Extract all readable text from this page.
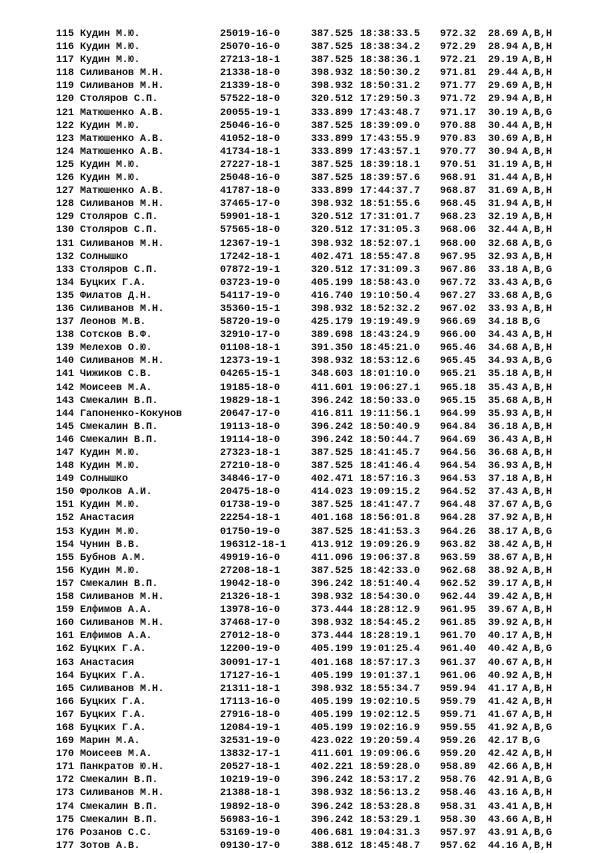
115 Кудин М.Ю.	25019-16-0	387.525 18:38:33.5 972.32	28.69 A,B,H
116 Кудин М.Ю.	25070-16-0	387.525 18:38:34.2 972.29	28.94 A,B,H
117 Кудин М.Ю.	27213-18-1	387.525 18:38:36.1 972.21	29.19 A,B,H
118 Силиванов М.Н.	21338-18-0	398.932 18:50:30.2 971.81	29.44 A,B,H
119 Силиванов М.Н.	21339-18-0	398.932 18:50:31.2 971.77	29.69 A,B,H
120 Столяров С.П.	57522-18-0	320.512 17:29:50.3 971.72	29.94 A,B,H
121 Матюшенко А.В.	20055-19-1	333.899 17:43:48.7 971.17	30.19 A,B,G
122 Кудин М.Ю.	25046-16-0	387.525 18:39:09.0 970.88	30.44 A,B,H
123 Матюшенко А.В.	41052-18-0	333.899 17:43:55.9 970.83	30.69 A,B,H
124 Матюшенко А.В.	41734-18-1	333.899 17:43:57.1 970.77	30.94 A,B,H
125 Кудин М.Ю.	27227-18-1	387.525 18:39:18.1 970.51	31.19 A,B,H
126 Кудин М.Ю.	25048-16-0	387.525 18:39:57.6 968.91	31.44 A,B,H
127 Матюшенко А.В.	41787-18-0	333.899 17:44:37.7 968.87	31.69 A,B,H
128 Силиванов М.Н.	37465-17-0	398.932 18:51:55.6 968.45	31.94 A,B,H
129 Столяров С.П.	59901-18-1	320.512 17:31:01.7 968.23	32.19 A,B,H
130 Столяров С.П.	57565-18-0	320.512 17:31:05.3 968.06	32.44 A,B,H
131 Силиванов М.Н.	12367-19-1	398.932 18:52:07.1 968.00	32.68 A,B,G
132 Солнышко	17242-18-1	402.471 18:55:47.8 967.95	32.93 A,B,H
133 Столяров С.П.	07872-19-1	320.512 17:31:09.3 967.86	33.18 A,B,G
134 Буцких Г.А.	03723-19-0	405.199 18:58:43.0 967.72	33.43 A,B,G
135 Филатов Д.Н.	54117-19-0	416.740 19:10:50.4 967.27	33.68 A,B,G
136 Силиванов М.Н.	35360-15-1	398.932 18:52:32.2 967.02	33.93 A,B,H
137 Леонов М.В.	58720-19-0	425.179 19:19:49.9 966.69	34.18 B,G
138 Сотсков В.Ф.	32910-17-0	389.698 18:43:24.9 966.00	34.43 A,B,H
139 Мелехов О.Ю.	01108-18-1	391.350 18:45:21.0 965.46	34.68 A,B,H
140 Силиванов М.Н.	12373-19-1	398.932 18:53:12.6 965.45	34.93 A,B,G
141 Чижиков С.В.	04265-15-1	348.603 18:01:10.0 965.21	35.18 A,B,H
142 Моисеев М.А.	19185-18-0	411.601 19:06:27.1 965.18	35.43 A,B,H
143 Смекалин В.П.	19829-18-1	396.242 18:50:33.0 965.15	35.68 A,B,H
144 Гапоненко-Кокунов	20647-17-0	416.811 19:11:56.1 964.99	35.93 A,B,H
145 Смекалин В.П.	19113-18-0	396.242 18:50:40.9 964.84	36.18 A,B,H
146 Смекалин В.П.	19114-18-0	396.242 18:50:44.7 964.69	36.43 A,B,H
147 Кудин М.Ю.	27323-18-1	387.525 18:41:45.7 964.56	36.68 A,B,H
148 Кудин М.Ю.	27210-18-0	387.525 18:41:46.4 964.54	36.93 A,B,H
149 Солнышко	34846-17-0	402.471 18:57:16.3 964.53	37.18 A,B,H
150 Фролков А.И.	20475-18-0	414.023 19:09:15.2 964.52	37.43 A,B,H
151 Кудин М.Ю.	01738-19-0	387.525 18:41:47.7 964.48	37.67 A,B,G
152 Анастасия	22254-18-1	401.168 18:56:01.8 964.28	37.92 A,B,H
153 Кудин М.Ю.	01750-19-0	387.525 18:41:53.3 964.26	38.17 A,B,G
154 Чунин В.В.	196312-18-1 413.912 19:09:26.9 963.82	38.42 A,B,H
155 Бубнов А.М.	49919-16-0	411.096 19:06:37.8 963.59	38.67 A,B,H
156 Кудин М.Ю.	27208-18-1	387.525 18:42:33.0 962.68	38.92 A,B,H
157 Смекалин В.П.	19042-18-0	396.242 18:51:40.4 962.52	39.17 A,B,H
158 Силиванов М.Н.	21326-18-1	398.932 18:54:30.0 962.44	39.42 A,B,H
159 Елфимов А.А.	13978-16-0	373.444 18:28:12.9 961.95	39.67 A,B,H
160 Силиванов М.Н.	37468-17-0	398.932 18:54:45.2 961.85	39.92 A,B,H
161 Елфимов А.А.	27012-18-0	373.444 18:28:19.1 961.70	40.17 A,B,H
162 Буцких Г.А.	12200-19-0	405.199 19:01:25.4 961.40	40.42 A,B,G
163 Анастасия	30091-17-1	401.168 18:57:17.3 961.37	40.67 A,B,H
164 Буцких Г.А.	17127-16-1	405.199 19:01:37.1 961.06	40.92 A,B,H
165 Силиванов М.Н.	21311-18-1	398.932 18:55:34.7 959.94	41.17 A,B,H
166 Буцких Г.А.	17113-16-0	405.199 19:02:10.5 959.79	41.42 A,B,H
167 Буцких Г.А.	27916-18-0	405.199 19:02:12.5 959.71	41.67 A,B,H
168 Буцких Г.А.	12084-19-1	405.199 19:02:16.9 959.55	41.92 A,B,G
169 Марин М.А.	32531-19-0	423.022 19:20:59.4 959.26	42.17 B,G
170 Моисеев М.А.	13832-17-1	411.601 19:09:06.6 959.20	42.42 A,B,H
171 Панкратов Ю.Н.	20527-18-1	402.221 18:59:28.0 958.89	42.66 A,B,H
172 Смекалин В.П.	10219-19-0	396.242 18:53:17.2 958.76	42.91 A,B,G
173 Силиванов М.Н.	21388-18-1	398.932 18:56:13.2 958.46	43.16 A,B,H
174 Смекалин В.П.	19892-18-0	396.242 18:53:28.8 958.31	43.41 A,B,H
175 Смекалин В.П.	56983-16-1	396.242 18:53:29.1 958.30	43.66 A,B,H
176 Розанов С.С.	53169-19-0	406.681 19:04:31.3 957.97	43.91 A,B,G
177 Зотов А.В.	09130-17-0	388.612 18:45:48.7 957.62	44.16 A,B,H
